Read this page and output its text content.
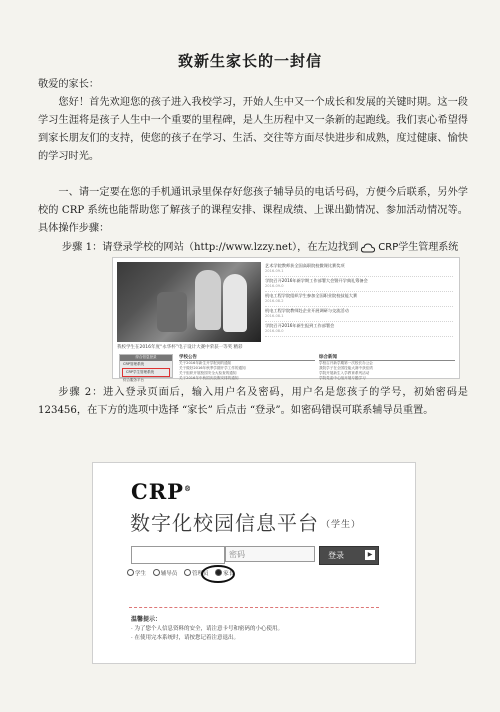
致新生家长的一封信
敬爱的家长：
您好！首先欢迎您的孩子进入我校学习，开始人生中又一个成长和发展的关键时期。这一段学习生涯将是孩子人生中一个重要的里程碑，是人生历程中又一条新的起跑线。我们衷心希望得到家长朋友们的支持，使您的孩子在学习、生活、交往等方面尽快进步和成熟，度过健康、愉快的学习时光。
一、请一定要在您的手机通讯录里保存好您孩子辅导员的电话号码，方便今后联系，另外学校的 CRP 系统也能帮助您了解孩子的课程安排、课程成绩、上课出勤情况、参加活动情况等。具体操作步骤：
步骤 1：请登录学校的网站（http://www.lzzy.net），在左边找到 CRP学生管理系统
我校学生在2016年度“永华杯”电子设计大赛中荣获一等奖 精彩
艺术学院教师获全国高职院校微课比赛奖项
2016-09-1
学院召开2016年新学期工作部署大会暨开学典礼筹备会
2016-09-0
机电工程学院组织学生参加全国职业院校技能大赛
2016-08-2
机电工程学院教师赴企业开展调研与交流活动
2016-08-1
学院召开2016年新生报到工作部署会
2016-08-0
综合信息登录
CRP管理系统
CRP学生管理系统
综合服务平台
学校公告
关于2016年新生开学报到的通知
关于做好2016年秋季学期开学工作的通知
关于组织开展校园安全大检查的通知
关于2016年中秋国庆放假安排的通知
综合新闻
学校召开新学期第一次校长办公会
我院学子在全国技能大赛中获佳绩
学院开展新生入学教育系列活动
学院党委中心组开展专题学习
步骤 2：进入登录页面后，输入用户名及密码，用户名是您孩子的学号，初始密码是 123456，在下方的选项中选择 “家长” 后点击 “登录”。如密码错误可联系辅导员重置。
CRP®
数字化校园信息平台 （学生）
密码	登录	▶
学生	辅导员	管理员	家长
温馨提示：
· 为了您个人信息资料的安全，请注意卡号和密码的小心使用。
· 在使用完本系统时，请按您记着注意退出。
